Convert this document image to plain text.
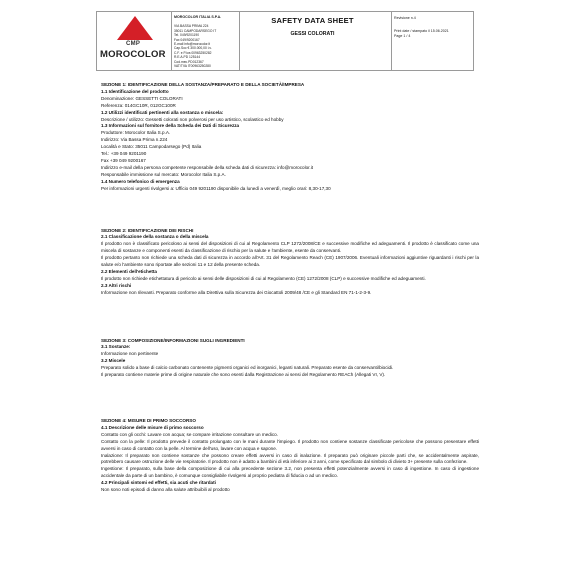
CMP
MOROCOLOR
MOROCOLOR ITALIA S.P.A.
VIA BASSA PRIMA 224
35011 CAMPODARSEGO IT
Tel. 049/9201190
Fax 049/9200167
E-mail info@morocolor.it
Cap.Soc € 300.000,00 i.v.
C.F. e P.iva 00963250282
R.E.A.PD 125144
Cod.mec.PD012367
VAT/TVA IT00963250280
SAFETY DATA SHEET
GESSI COLORATI
Revisione n.4
Print date / stampato il 15.06.2021
Page 1 / 4

SEZIONE 1: IDENTIFICAZIONE DELLA SOSTANZA/PREPARATO E DELLA SOCIETÀ/IMPRESA

1.1 Identificazione del prodotto

Denominazione: GESSETTI COLORATI

Referenza: 014GC10R, 012GC100R

1.2 Utilizzi identificati pertinenti alla sostanza o miscela:

Descrizione / utilizzo: Gessetti colorati non polverosi per uso artistico, scolastico ed hobby

1.3 Informazioni sul fornitore della Scheda dei Dati di Sicurezza

Produttore: Morocolor Italia S.p.A.

Indirizzo: Via Bassa Prima n.224

Località e Stato: 35011 Campodarsego (Pd) Italia

Tel.: +39 049 9201190

Fax +39 049 9200167

Indirizzo e-mail della persona competente responsabile della scheda dati di sicurezza: info@morocolor.it

Responsabile immissione sul mercato: Morocolor Italia S.p.A.

1.4 Numero telefonico di emergenza

Per informazioni urgenti rivolgersi a: Ufficio 049 9201190 disponibile da lunedì a venerdì, meglio orari: 8,30-17,30

SEZIONE 2: IDENTIFICAZIONE DEI RISCHI

2.1 Classificazione della sostanza o della miscela

Il prodotto non è classificato pericoloso ai sensi del disposizioni di cui al Regolamento CLP 1272/2008/CE e successive modifiche ed adeguamenti. Il prodotto è classificato come una miscela di sostanze e componenti esenti da classificazione di rischio per la salute e l'ambiente, esente da conservanti.

Il prodotto pertanto non richiede una scheda dati di sicurezza in accordo all'Art. 31 del Regolamento Reach (CE) 1907/2006. Eventuali informazioni aggiuntive riguardanti i rischi per la salute e/o l'ambiente sono riportate alle sezioni 11 e 12 della presente scheda.

2.2 Elementi dell'etichetta

Il prodotto non richiede etichettatura di pericolo ai sensi delle disposizioni di cui al Regolamento (CE) 1272/2008 (CLP) e successive modifiche ed adeguamenti.

2.3 Altri rischi

Informazione non rilevanti. Preparato conforme alla Direttiva sulla Sicurezza dei Giocattoli 2009/48 /CE e gli Standard EN 71-1-2-3-9.

SEZIONE 3: COMPOSIZIONE/INFORMAZIONI SUGLI INGREDIENTI

3.1 Sostanze:

Informazione non pertinente

3.2 Miscele

Preparato solido a base di calcio carbonato contenente pigmenti organici ed inorganici, leganti naturali. Preparato esente da conservanti/biocidi.

Il preparato contiene materie prime di origine naturale che sono esenti dalla Registrazione ai sensi del Regolamento REACh (Allegati VI, V).

SEZIONE 4: MISURE DI PRIMO SOCCORSO

4.1 Descrizione delle misure di primo soccorso

Contatto con gli occhi: Lavare con acqua; se compare irritazione consultare un medico.

Contatto con la pelle: Il prodotto prevede il contatto prolungato con le mani durante l'impiego. Il prodotto non contiene sostanze classificate pericolose che possono presentare effetti avversi in caso di contatto con la pelle. Al termine dell'uso, lavare con acqua e sapone.

Inalazione: Il preparato non contiene sostanze che possono creare effetti avversi in caso di inalazione. Il preparato può originare piccole parti che, se accidentalmente aspirate, potrebbero causare ostruzione delle vie respiratorie. Il prodotto non è adatto a bambini di età inferiore ai 3 anni, come specificato dal simbolo di divieto 3+ presente sulla confezione.

Ingestione: Il preparato, sulla base della composizione di cui alla precedente sezione 3.2, non presenta effetti potenzialmente avversi in caso di ingestione. In caso di ingestione accidentale da parte di un bambino, è comunque consigliabile rivolgersi al proprio pediatra di fiducia o ad un medico.

4.2 Principali sintomi ed effetti, sia acuti che ritardati

Non sono noti episodi di danno alla salute attribuibili al prodotto
